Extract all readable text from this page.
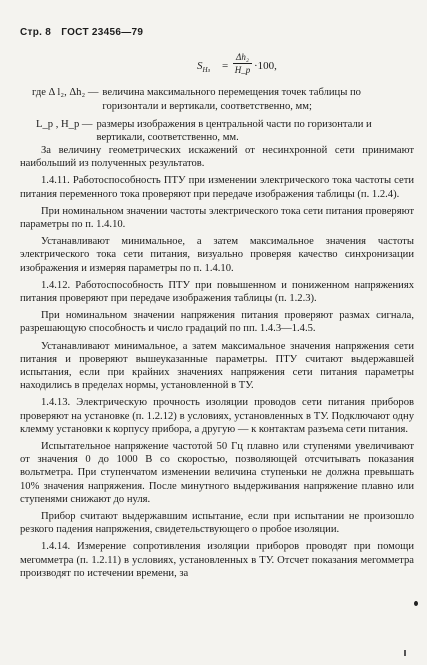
Стр. 8 ГОСТ 23456—79
$S_{Hз} = \frac{\text{Δh₂}}{H\_p} \cdot 100$,
где Δ l₂, Δh₂ — величина максимального перемещения точек таблицы по горизонтали и вертикали, соответственно, мм;
L_p , H_p — размеры изображения в центральной части по горизонтали и вертикали, соответственно, мм.

За величину геометрических искажений от несинхронной сети принимают наибольший из полученных результатов.

1.4.11. Работоспособность ПТУ при изменении электрического тока частоты сети питания переменного тока проверяют при передаче изображения таблицы (п. 1.2.4).

При номинальном значении частоты электрического тока сети питания проверяют параметры по п. 1.4.10.

Устанавливают минимальное, а затем максимальное значения частоты электрического тока сети питания, визуально проверяя качество синхронизации изображения и измеряя параметры по п. 1.4.10.

1.4.12. Работоспособность ПТУ при повышенном и пониженном напряжениях питания проверяют при передаче изображения таблицы (п. 1.2.3).

При номинальном значении напряжения питания проверяют размах сигнала, разрешающую способность и число градаций по пп. 1.4.3—1.4.5.

Устанавливают минимальное, а затем максимальное значения напряжения сети питания и проверяют вышеуказанные параметры. ПТУ считают выдержавшей испытания, если при крайних значениях напряжения сети питания параметры находились в пределах нормы, установленной в ТУ.

1.4.13. Электрическую прочность изоляции проводов сети питания приборов проверяют на установке (п. 1.2.12) в условиях, установленных в ТУ. Подключают одну клемму установки к корпусу прибора, а другую — к контактам разъема сети питания.

Испытательное напряжение частотой 50 Гц плавно или ступенями увеличивают от значения 0 до 1000 В со скоростью, позволяющей отсчитывать показания вольтметра. При ступенчатом изменении величина ступеньки не должна превышать 10% значения напряжения. После минутного выдерживания напряжение плавно или ступенями снижают до нуля.

Прибор считают выдержавшим испытание, если при испытании не произошло резкого падения напряжения, свидетельствующего о пробое изоляции.

1.4.14. Измерение сопротивления изоляции приборов проводят при помощи мегомметра (п. 1.2.11) в условиях, установленных в ТУ. Отсчет показания мегомметра производят по истечении времени, за
